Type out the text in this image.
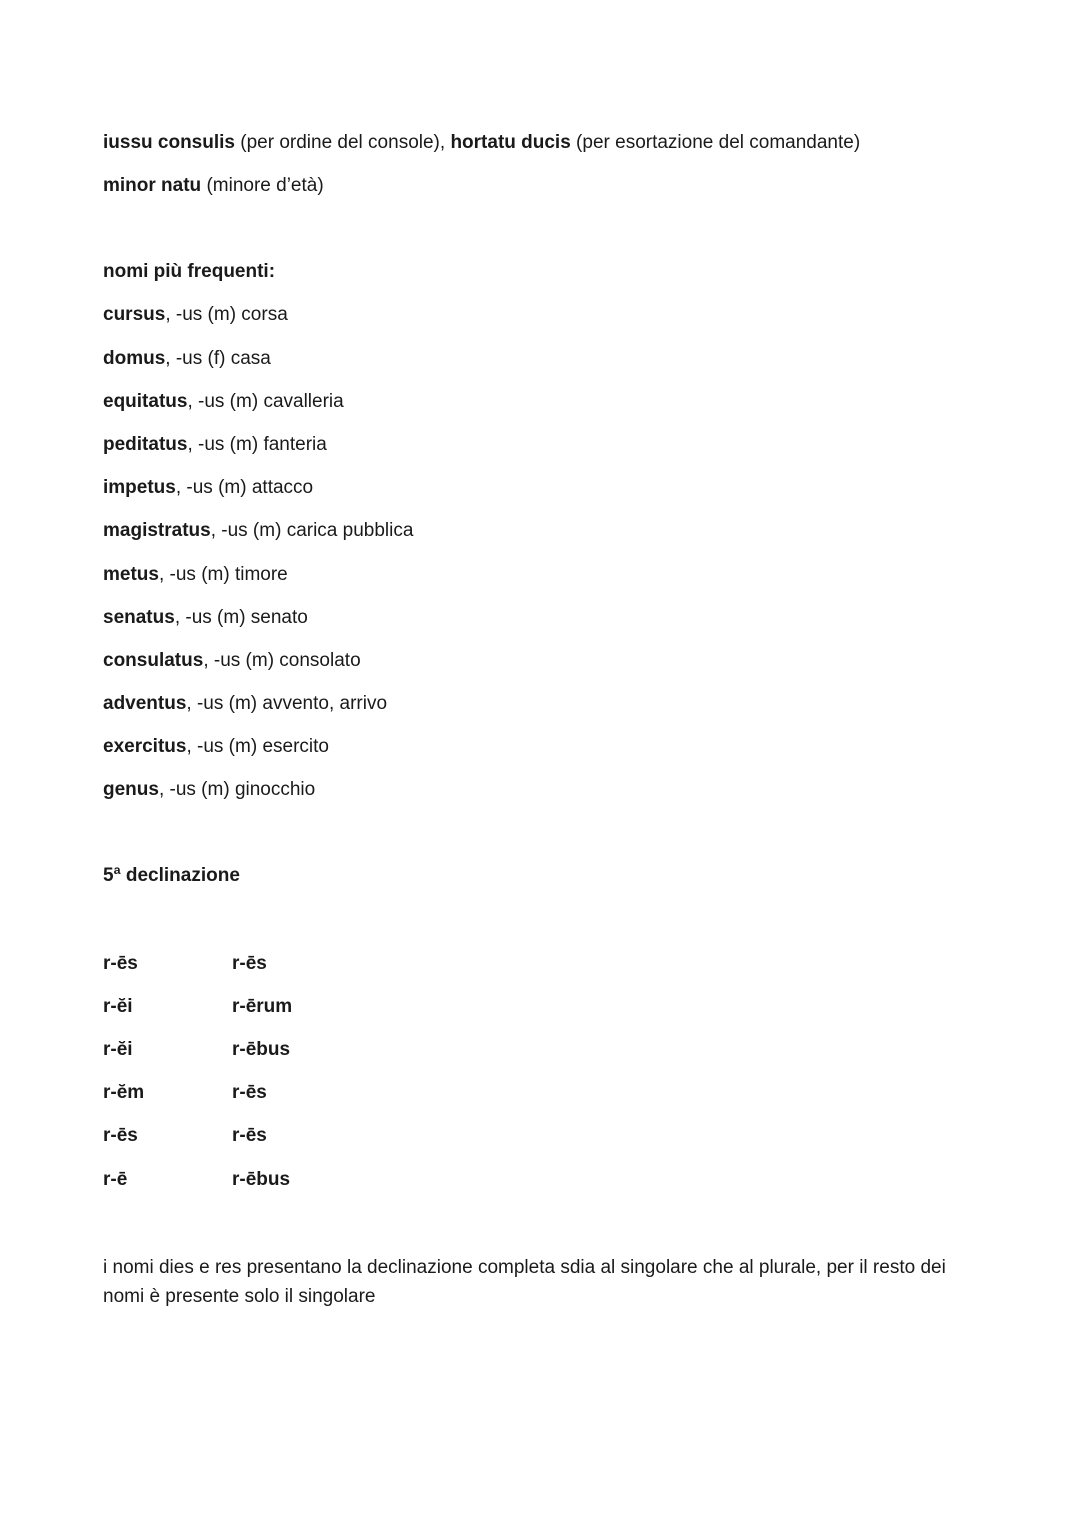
iussu consulis (per ordine del console), hortatu ducis (per esortazione del comandante)
minor natu (minore d’età)
nomi più frequenti:
cursus, -us (m) corsa
domus, -us (f) casa
equitatus, -us (m) cavalleria
peditatus, -us (m) fanteria
impetus, -us (m) attacco
magistratus, -us (m) carica pubblica
metus, -us (m) timore
senatus, -us (m) senato
consulatus, -us (m) consolato
adventus, -us (m) avvento, arrivo
exercitus, -us (m) esercito
genus, -us (m) ginocchio
5ª declinazione
r-ēs
r-ĕi
r-ĕi
r-ĕm
r-ēs
r-ē
r-ēs
r-ērum
r-ēbus
r-ēs
r-ēs
r-ēbus
i nomi dies e res presentano la declinazione completa sdia al singolare che al plurale, per il resto dei nomi è presente solo il singolare
